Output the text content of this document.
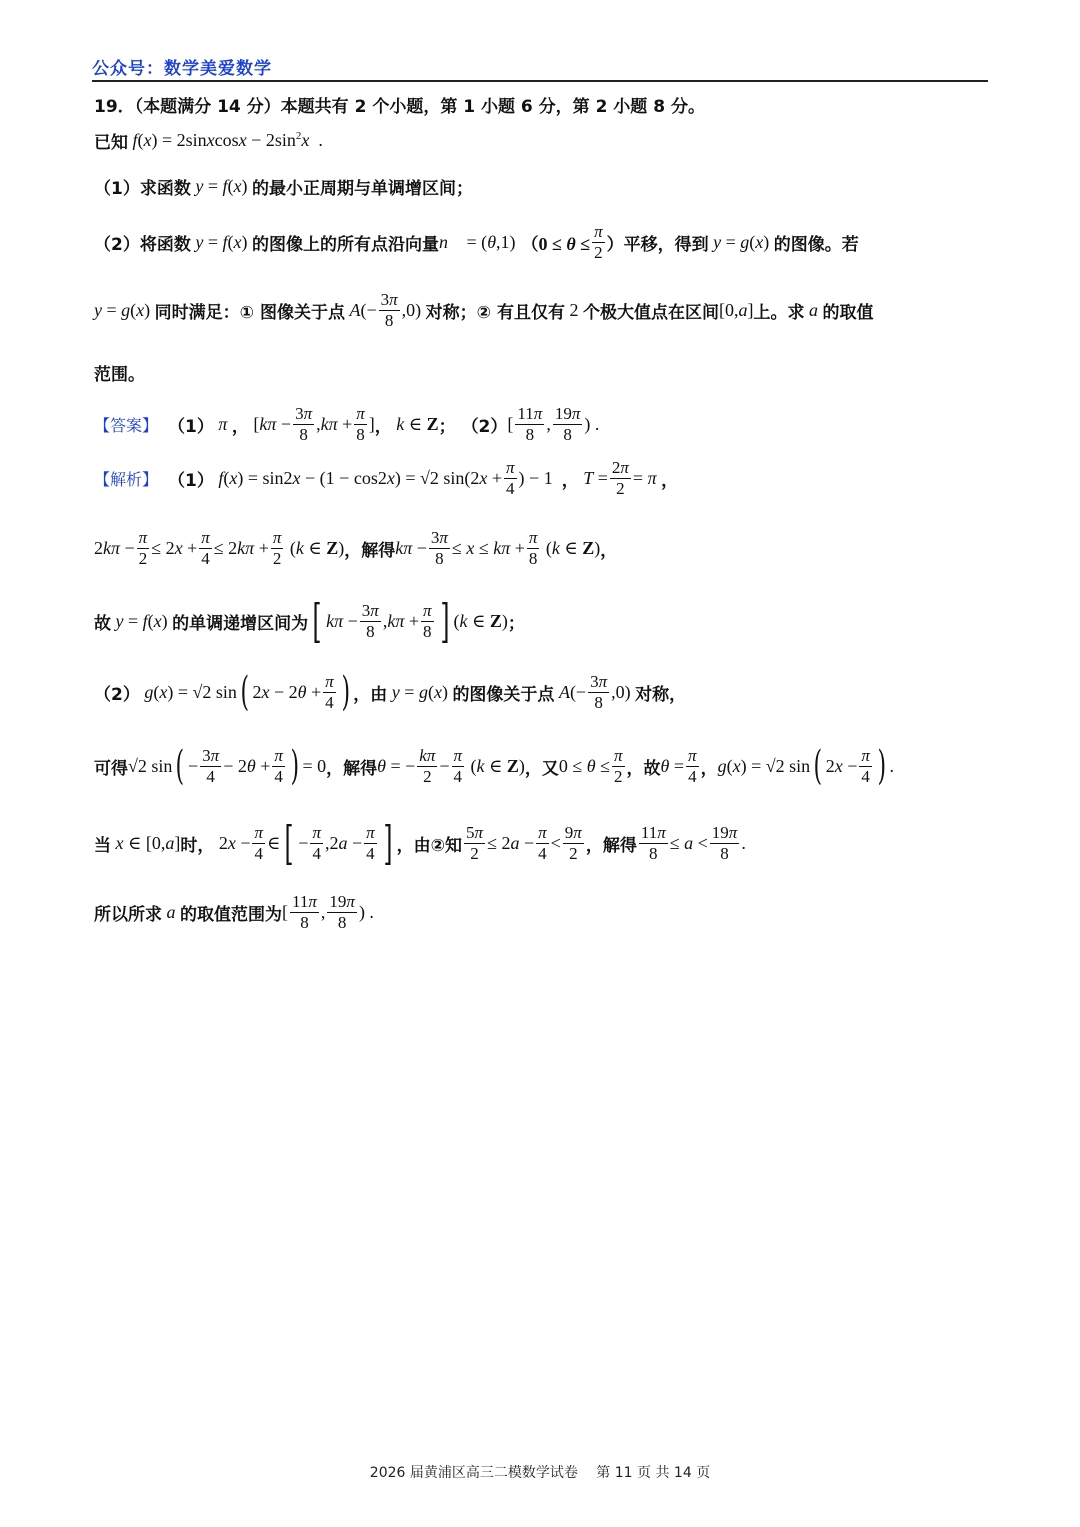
公众号：数学美爱数学
19．（本题满分 14 分）本题共有 2 个小题，第 1 小题 6 分，第 2 小题 8 分。
已知 f(x) = 2sinxcosx − $2\sin^2x$  .
（1）求函数 y = f(x) 的最小正周期与单调增区间；
（2）将函数 y = f(x) 的图像上的所有点沿向量 n⃗ = (θ,1) （$0 \le \theta \le \frac{\pi}{2}$ ） 平移，得到 y = g(x) 的图像。若
y = g(x) 同时满足：① 图像关于点 $A(- \frac{3\pi}{8} ,0)$ 对称；② 有且仅有 2 个极大值点在区间 [0,a] 上。求 a 的取值
范围。
【答案】 （1） π ， [$k\pi - \frac{3\pi}{8} ,k\pi + \frac{\pi}{8}$ ] ， k ∈ Z ； （2） [ $\frac{11\pi}{8}$ , $\frac{19\pi}{8}$ ) .
【解析】 （1） f(x) = sin2x − (1 − cos2x) = √2 $\sin(2x + \frac{\pi}{4}$ ) − 1 ， $T = \frac{2\pi}{2} = \pi$ ，
$2k\pi - \frac{\pi}{2} \le 2x + \frac{\pi}{4} \le 2k\pi + \frac{\pi}{2} (k$ ∈ Z) ，解得 $k\pi - \frac{3\pi}{8} \le x \le k\pi + \frac{\pi}{8} (k$ ∈ Z) ，
故 y = f(x) 的单调递增区间为 [ $k\pi - \frac{3\pi}{8} ,k\pi + \frac{\pi}{8}$ ] (k ∈ Z) ；
（2） g(x) = √2 sin ( $2x - 2\theta + \frac{\pi}{4}$ ) ，由 y = g(x) 的图像关于点 $A(- \frac{3\pi}{8} ,0)$ 对称，
可得 √2 sin ( − $\frac{3\pi}{4} - 2\theta + \frac{\pi}{4}$ ) = 0 ，解得 θ = − $\frac{k\pi}{2} - \frac{\pi}{4} (k$ ∈ Z) ，又 $0 \le \theta \le \frac{\pi}{2}$ ，故 $\theta = \frac{\pi}{4}$ ， g(x) = √2 sin ( $2x - \frac{\pi}{4}$ ) .
当 x ∈ [0,a] 时， $2x - \frac{\pi}{4}$ ∈ [ − $\frac{\pi}{4} ,2a - \frac{\pi}{4}$ ] ，由②知 $\frac{5\pi}{2} \le 2a - \frac{\pi}{4} < \frac{9\pi}{2}$ ，解得 $\frac{11\pi}{8} \le a < \frac{19\pi}{8}$ .
所以所求 a 的取值范围为 [ $\frac{11\pi}{8}$ , $\frac{19\pi}{8}$ ) .
2026 届黄浦区高三二模数学试卷　 第 11 页 共 14 页
